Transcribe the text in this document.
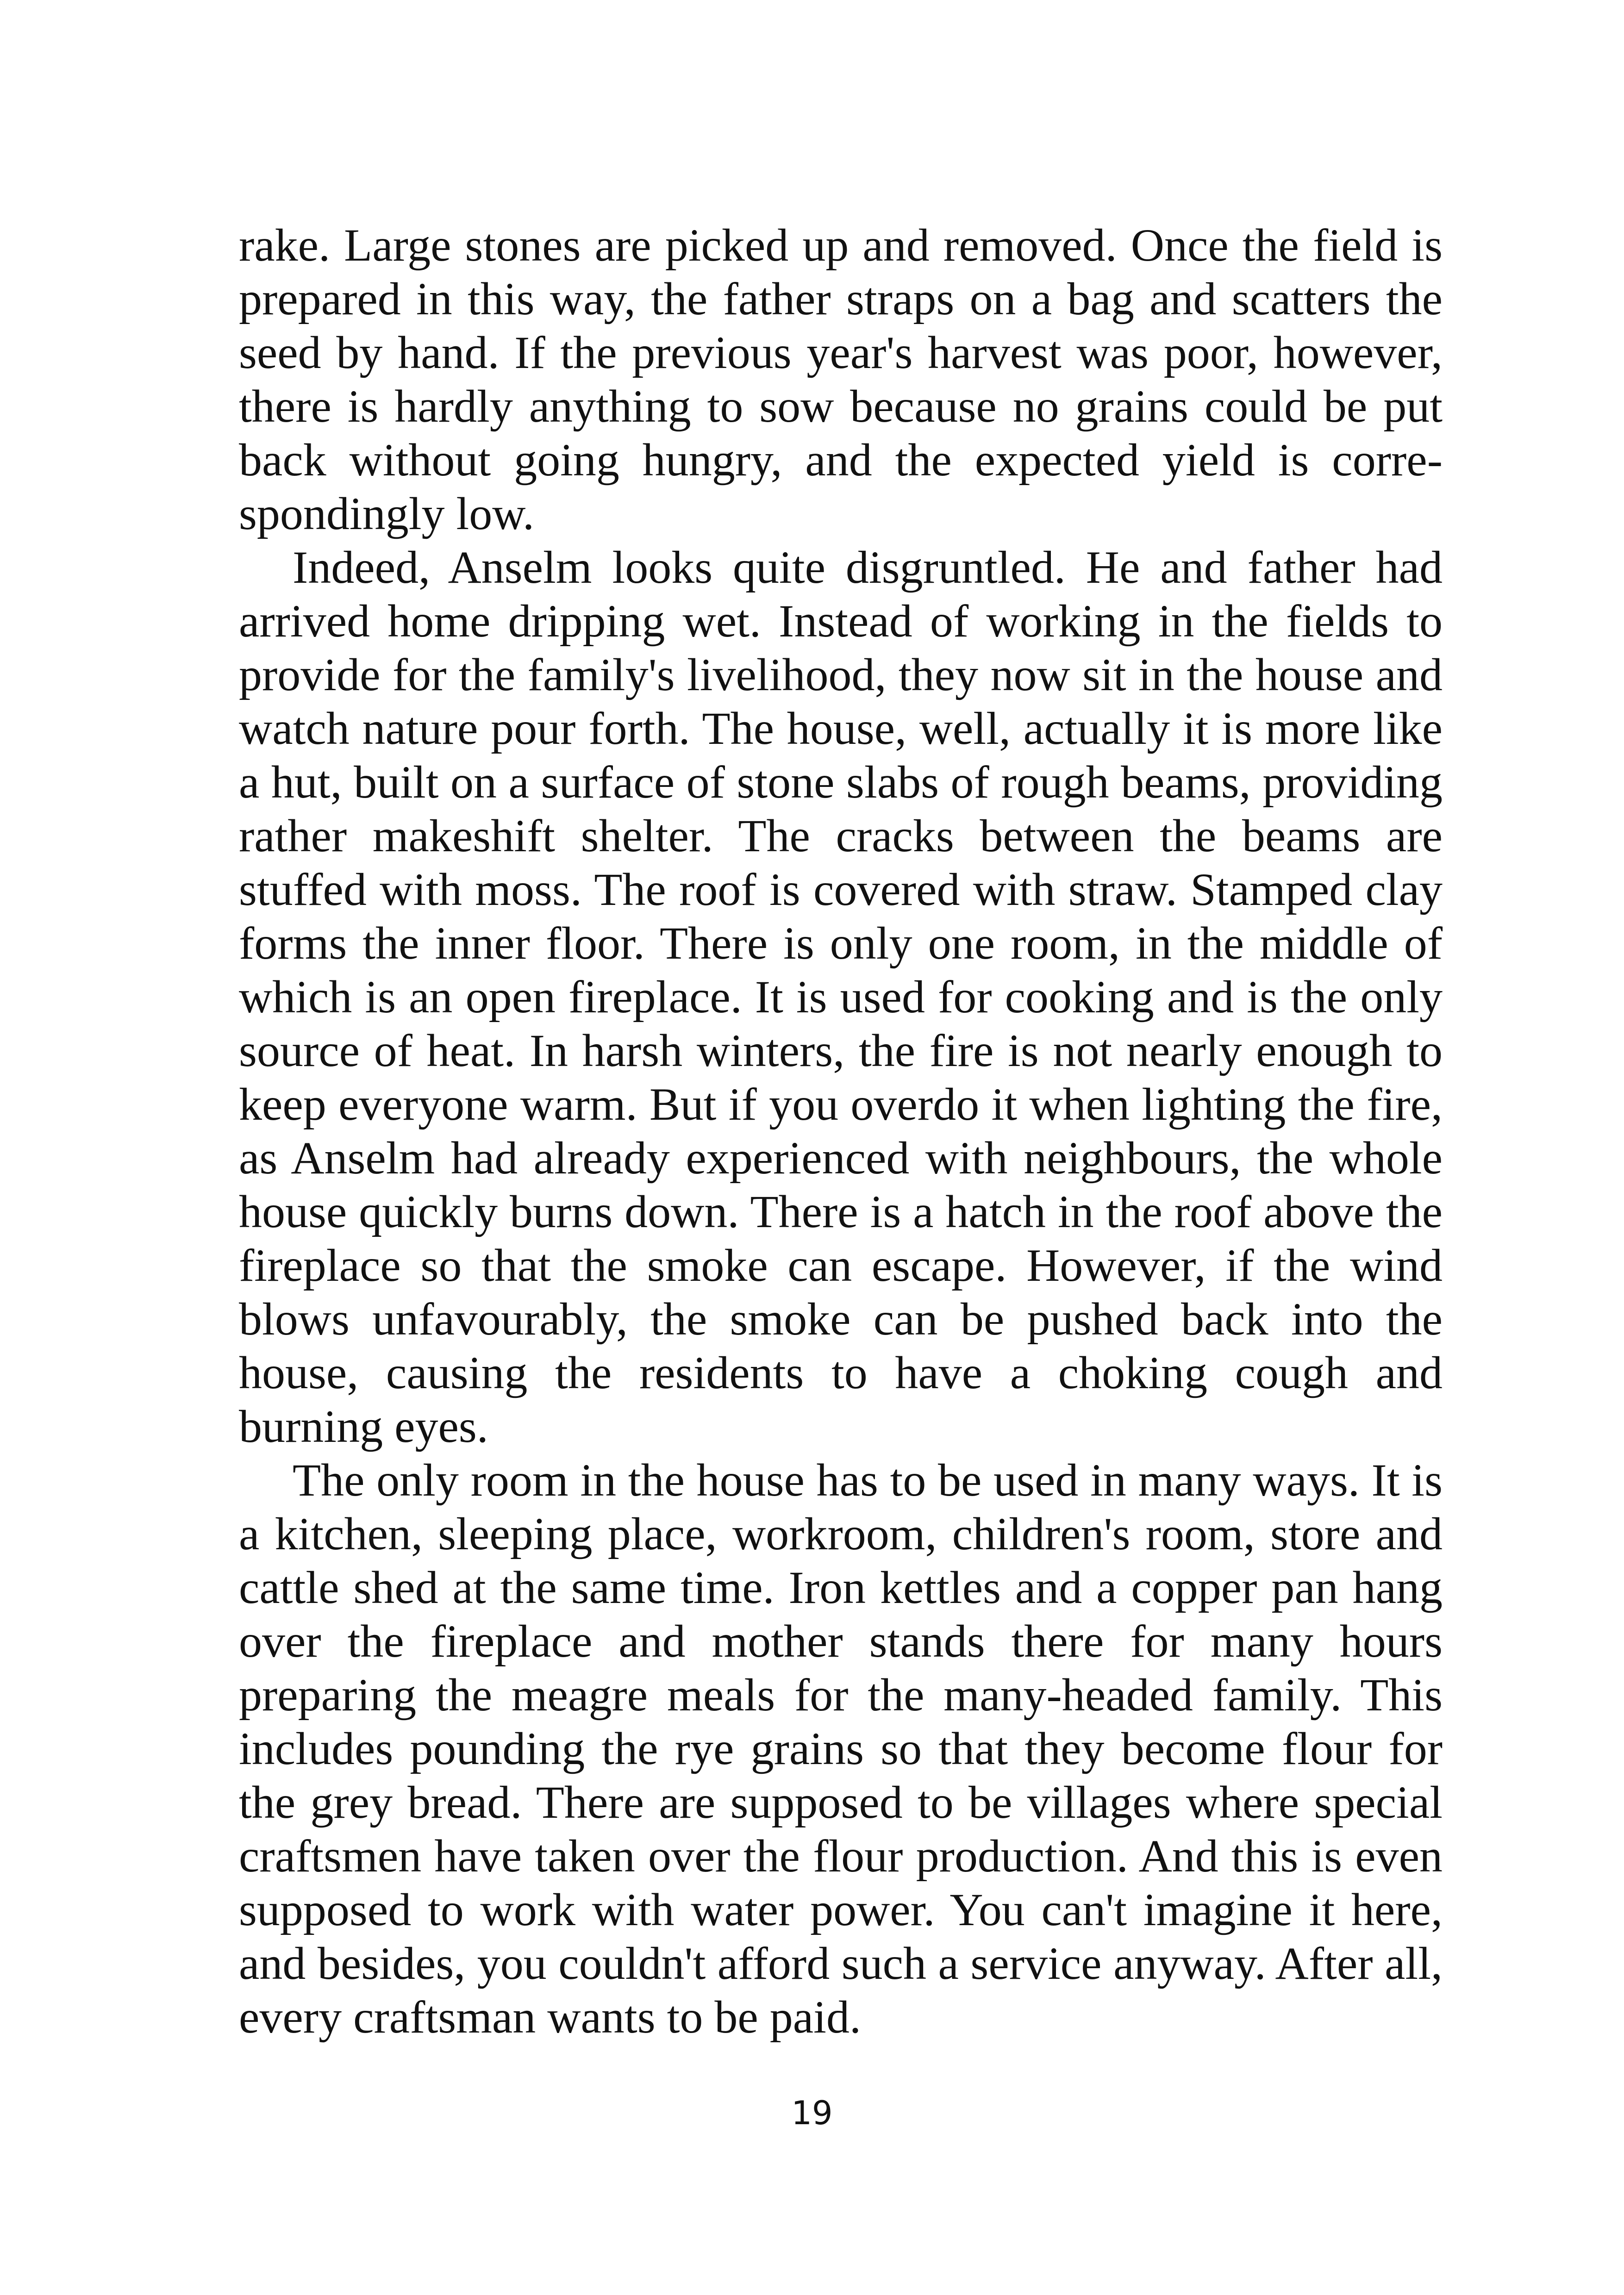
rake. Large stones are picked up and removed. Once the field is prepared in this way, the father straps on a bag and scatters the seed by hand. If the previous year's harvest was poor, however, there is hardly anything to sow because no grains could be put back without going hungry, and the expected yield is correspondingly low.

Indeed, Anselm looks quite disgruntled. He and father had arrived home dripping wet. Instead of working in the fields to provide for the family's livelihood, they now sit in the house and watch nature pour forth. The house, well, actually it is more like a hut, built on a surface of stone slabs of rough beams, providing rather makeshift shelter. The cracks between the beams are stuffed with moss. The roof is covered with straw. Stamped clay forms the inner floor. There is only one room, in the middle of which is an open fireplace. It is used for cooking and is the only source of heat. In harsh winters, the fire is not nearly enough to keep everyone warm. But if you overdo it when lighting the fire, as Anselm had already experienced with neighbours, the whole house quickly burns down. There is a hatch in the roof above the fireplace so that the smoke can escape. However, if the wind blows unfavourably, the smoke can be pushed back into the house, causing the residents to have a choking cough and burning eyes.

The only room in the house has to be used in many ways. It is a kitchen, sleeping place, workroom, children's room, store and cattle shed at the same time. Iron kettles and a copper pan hang over the fireplace and mother stands there for many hours preparing the meagre meals for the many-headed family. This includes pounding the rye grains so that they become flour for the grey bread. There are supposed to be villages where special craftsmen have taken over the flour production. And this is even supposed to work with water power. You can't imagine it here, and besides, you couldn't afford such a service anyway. After all, every craftsman wants to be paid.

19
